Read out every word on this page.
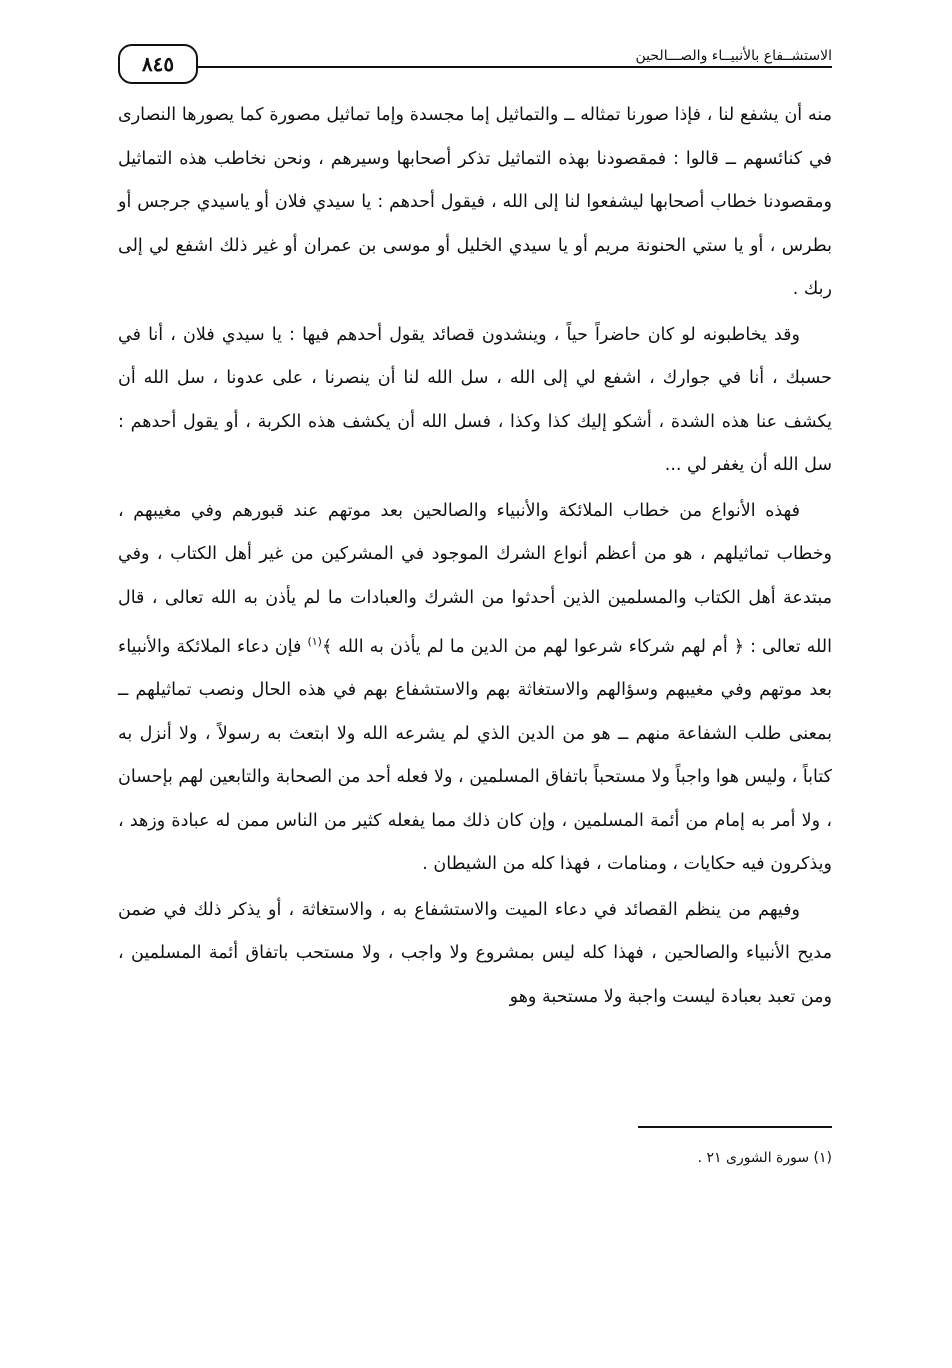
٨٤٥	الاستشــفاع بالأنبيــاء والصـــالحين

منه أن يشفع لنا ، فإذا صورنا تمثاله ــ والتماثيل إما مجسدة وإما تماثيل مصورة كما يصورها النصارى في كنائسهم ــ قالوا : فمقصودنا بهذه التماثيل تذكر أصحابها وسيرهم ، ونحن نخاطب هذه التماثيل ومقصودنا خطاب أصحابها ليشفعوا لنا إلى الله ، فيقول أحدهم : يا سيدي فلان أو ياسيدي جرجس أو بطرس ، أو يا ستي الحنونة مريم أو يا سيدي الخليل أو موسى بن عمران أو غير ذلك اشفع لي إلى ربك .

وقد يخاطبونه لو كان حاضراً حياً ، وينشدون قصائد يقول أحدهم فيها : يا سيدي فلان ، أنا في حسبك ، أنا في جوارك ، اشفع لي إلى الله ، سل الله لنا أن ينصرنا ، على عدونا ، سل الله أن يكشف عنا هذه الشدة ، أشكو إليك كذا وكذا ، فسل الله أن يكشف هذه الكربة ، أو يقول أحدهم : سل الله أن يغفر لي ...

فهذه الأنواع من خطاب الملائكة والأنبياء والصالحين بعد موتهم عند قبورهم وفي مغيبهم ، وخطاب تماثيلهم ، هو من أعظم أنواع الشرك الموجود في المشركين من غير أهل الكتاب ، وفي مبتدعة أهل الكتاب والمسلمين الذين أحدثوا من الشرك والعبادات ما لم يأذن به الله تعالى ، قال الله تعالى : ﴿ أم لهم شركاء شرعوا لهم من الدين ما لم يأذن به الله ﴾$^{(١)}$ فإن دعاء الملائكة والأنبياء بعد موتهم وفي مغيبهم وسؤالهم والاستغاثة بهم والاستشفاع بهم في هذه الحال ونصب تماثيلهم ــ بمعنى طلب الشفاعة منهم ــ هو من الدين الذي لم يشرعه الله ولا ابتعث به رسولاً ، ولا أنزل به كتاباً ، وليس هوا واجباً ولا مستحباً باتفاق المسلمين ، ولا فعله أحد من الصحابة والتابعين لهم بإحسان ، ولا أمر به إمام من أئمة المسلمين ، وإن كان ذلك مما يفعله كثير من الناس ممن له عبادة وزهد ، ويذكرون فيه حكايات ، ومنامات ، فهذا كله من الشيطان .

وفيهم من ينظم القصائد في دعاء الميت والاستشفاع به ، والاستغاثة ، أو يذكر ذلك في ضمن مديح الأنبياء والصالحين ، فهذا كله ليس بمشروع ولا واجب ، ولا مستحب باتفاق أئمة المسلمين ، ومن تعبد بعبادة ليست واجبة ولا مستحبة وهو

(١) سورة الشورى ٢١ .
